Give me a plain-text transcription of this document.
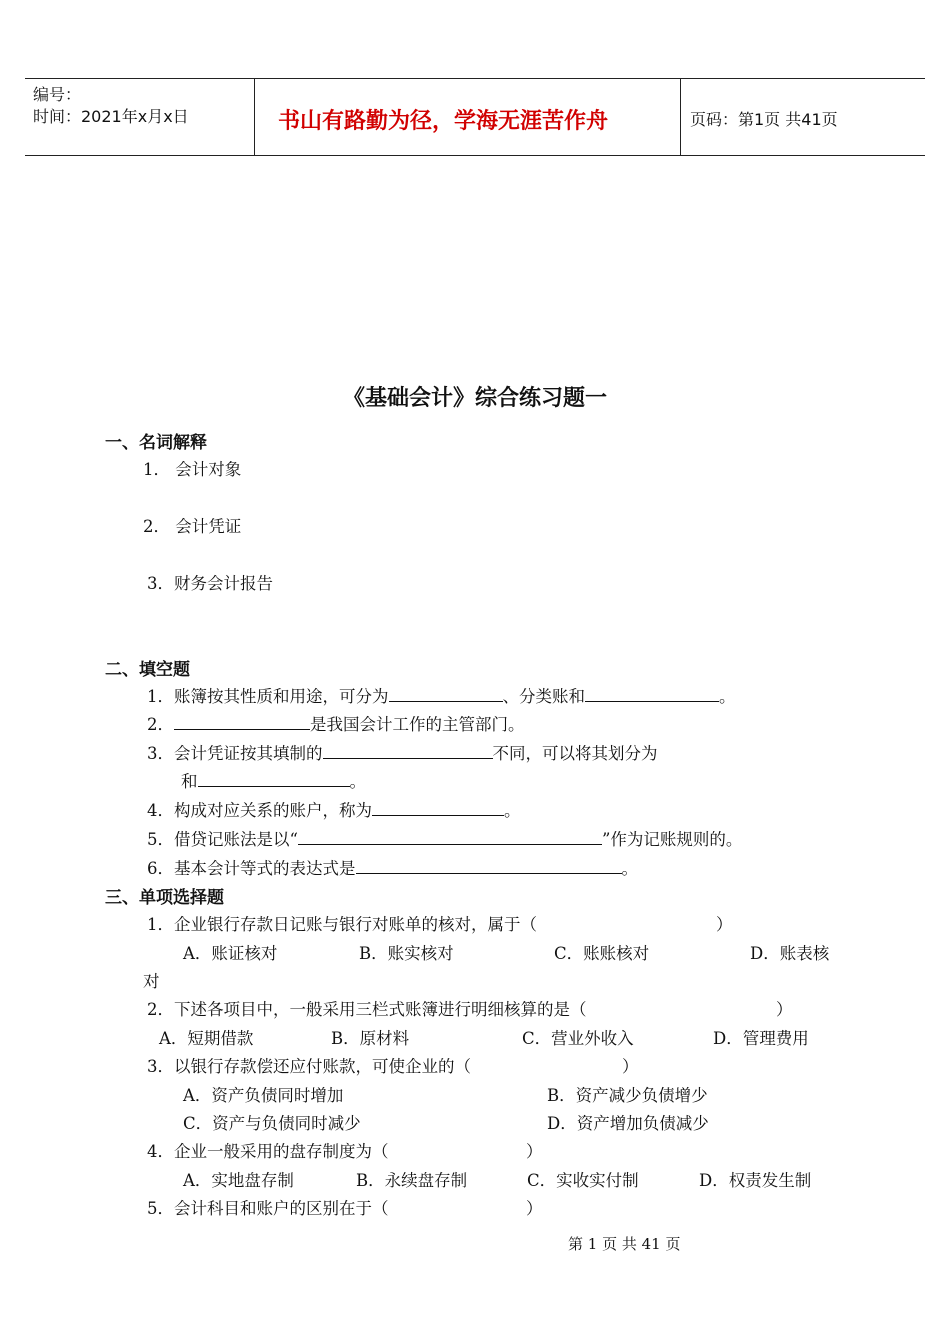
编号：
时间：2021年x月x日	书山有路勤为径，学海无涯苦作舟	页码：第1页 共41页
《基础会计》综合练习题一
一、名词解释
1． 会计对象
2． 会计凭证
3．财务会计报告
二、填空题
1．账簿按其性质和用途，可分为	、分类账和	。
2．	是我国会计工作的主管部门。
3．会计凭证按其填制的	不同，可以将其划分为
和	。
4．构成对应关系的账户，称为	。
5．借贷记账法是以“	”作为记账规则的。
6．基本会计等式的表达式是	。
三、单项选择题
1．企业银行存款日记账与银行对账单的核对，属于（	）
A．账证核对	B．账实核对	C．账账核对	D．账表核
对
2．下述各项目中，一般采用三栏式账簿进行明细核算的是（	）
A．短期借款	B．原材料	C．营业外收入	D．管理费用
3．以银行存款偿还应付账款，可使企业的（	）
A．资产负债同时增加	B．资产减少负债增少
C．资产与负债同时减少	D．资产增加负债减少
4．企业一般采用的盘存制度为（	）
A．实地盘存制	B．永续盘存制	C．实收实付制	D．权责发生制
5．会计科目和账户的区别在于（	）
第 1 页 共 41 页
